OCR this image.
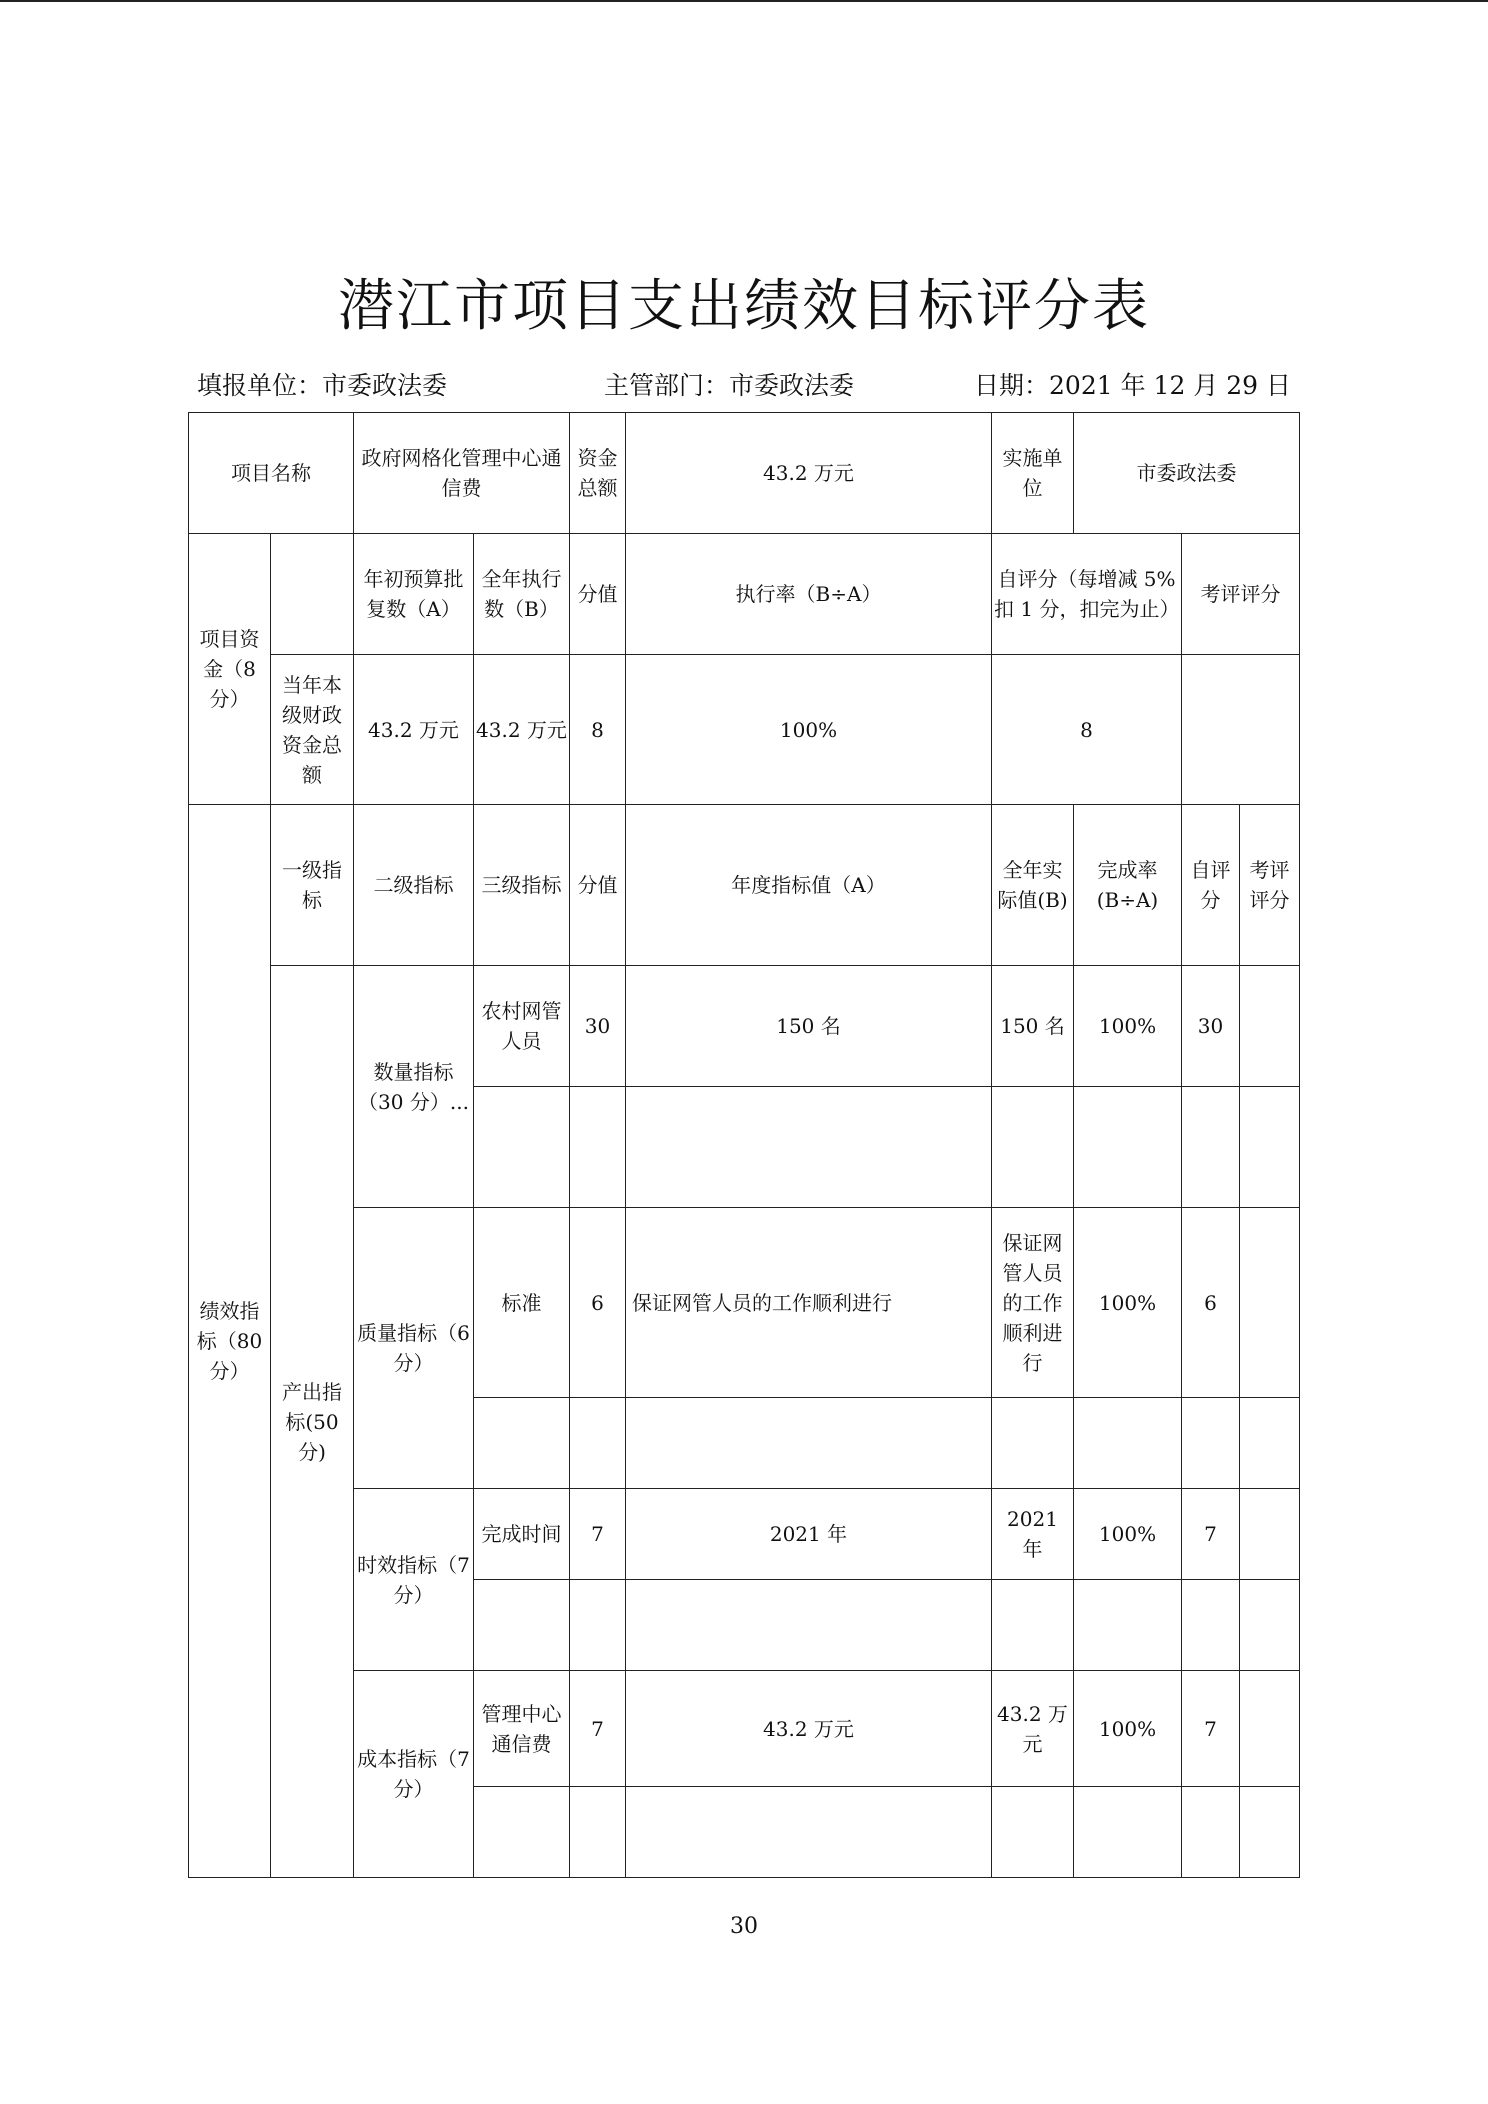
潜江市项目支出绩效目标评分表
填报单位：市委政法委	主管部门：市委政法委	日期：2021 年 12 月 29 日
项目名称		政府网格化管理中心通信费		资金总额	43.2 万元	实施单位	市委政法委		
项目资金（8 分）		年初预算批复数（A）	全年执行数（B）	分值	执行率（B÷A）	自评分（每增减 5%扣 1 分，扣完为止）		考评评分	
	当年本级财政资金总额	43.2 万元	43.2 万元	8	100%	8			
绩效指标（80 分）	一级指标	二级指标	三级指标	分值	年度指标值（A）	全年实际值(B)	完成率(B÷A)	自评分	考评评分
	产出指标(50 分)	数量指标（30 分）...	农村网管人员	30	150 名	150 名	100%	30	

		质量指标（6 分）	标准	6	保证网管人员的工作顺利进行	保证网管人员的工作顺利进行	100%	6	

		时效指标（7 分）	完成时间	7	2021 年	2021 年	100%	7	

		成本指标（7 分）	管理中心通信费	7	43.2 万元	43.2 万元	100%	7	

30
